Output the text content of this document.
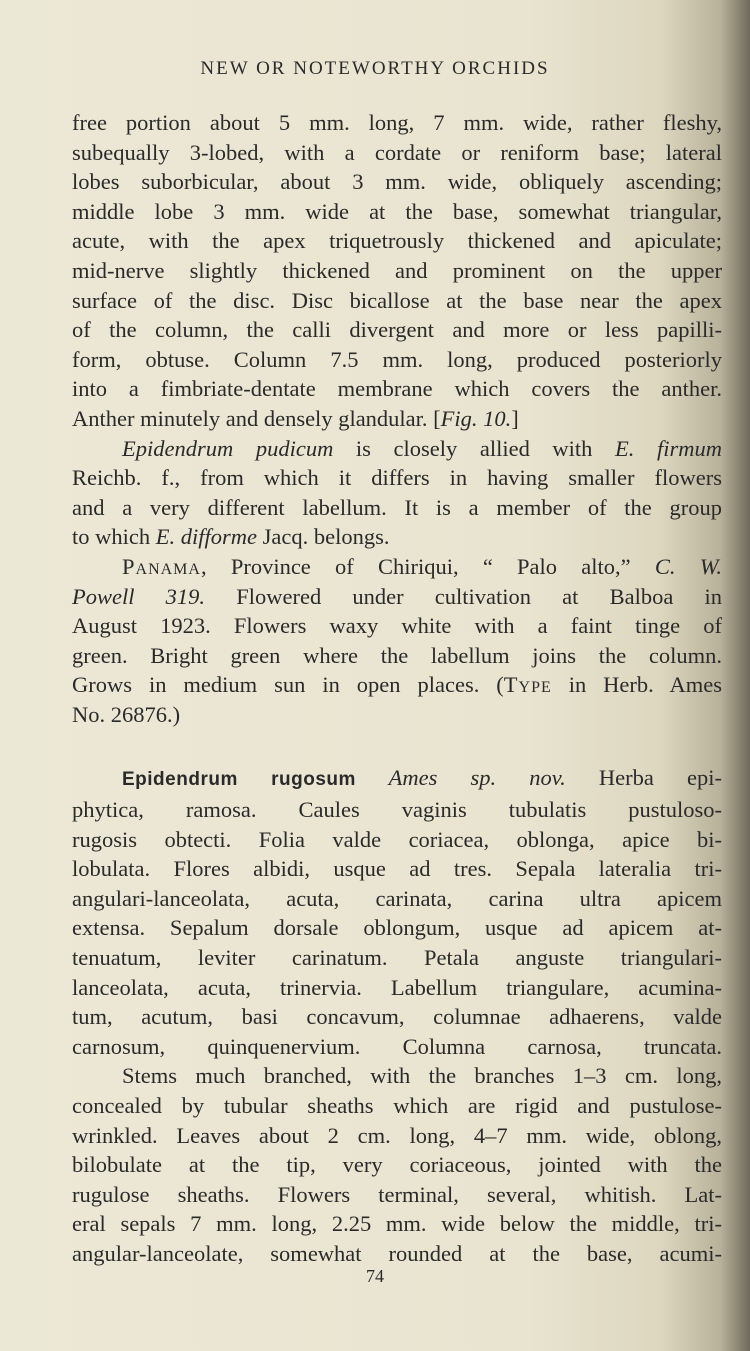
NEW OR NOTEWORTHY ORCHIDS
free portion about 5 mm. long, 7 mm. wide, rather fleshy,
subequally 3-lobed, with a cordate or reniform base; lateral
lobes suborbicular, about 3 mm. wide, obliquely ascending;
middle lobe 3 mm. wide at the base, somewhat triangular,
acute, with the apex triquetrously thickened and apiculate;
mid-nerve slightly thickened and prominent on the upper
surface of the disc. Disc bicallose at the base near the apex
of the column, the calli divergent and more or less papilli-
form, obtuse. Column 7.5 mm. long, produced posteriorly
into a fimbriate-dentate membrane which covers the anther.
Anther minutely and densely glandular. [Fig. 10.]
Epidendrum pudicum is closely allied with E. firmum
Reichb. f., from which it differs in having smaller flowers
and a very different labellum. It is a member of the group
to which E. difforme Jacq. belongs.
Panama, Province of Chiriqui, “ Palo alto,” C. W.
Powell 319. Flowered under cultivation at Balboa in
August 1923. Flowers waxy white with a faint tinge of
green. Bright green where the labellum joins the column.
Grows in medium sun in open places. (Type in Herb. Ames
No. 26876.)
Epidendrum rugosum Ames sp. nov. Herba epi-
phytica, ramosa. Caules vaginis tubulatis pustuloso-
rugosis obtecti. Folia valde coriacea, oblonga, apice bi-
lobulata. Flores albidi, usque ad tres. Sepala lateralia tri-
angulari-lanceolata, acuta, carinata, carina ultra apicem
extensa. Sepalum dorsale oblongum, usque ad apicem at-
tenuatum, leviter carinatum. Petala anguste triangulari-
lanceolata, acuta, trinervia. Labellum triangulare, acumina-
tum, acutum, basi concavum, columnae adhaerens, valde
carnosum, quinquenervium. Columna carnosa, truncata.
Stems much branched, with the branches 1–3 cm. long,
concealed by tubular sheaths which are rigid and pustulose-
wrinkled. Leaves about 2 cm. long, 4–7 mm. wide, oblong,
bilobulate at the tip, very coriaceous, jointed with the
rugulose sheaths. Flowers terminal, several, whitish. Lat-
eral sepals 7 mm. long, 2.25 mm. wide below the middle, tri-
angular-lanceolate, somewhat rounded at the base, acumi-
74
